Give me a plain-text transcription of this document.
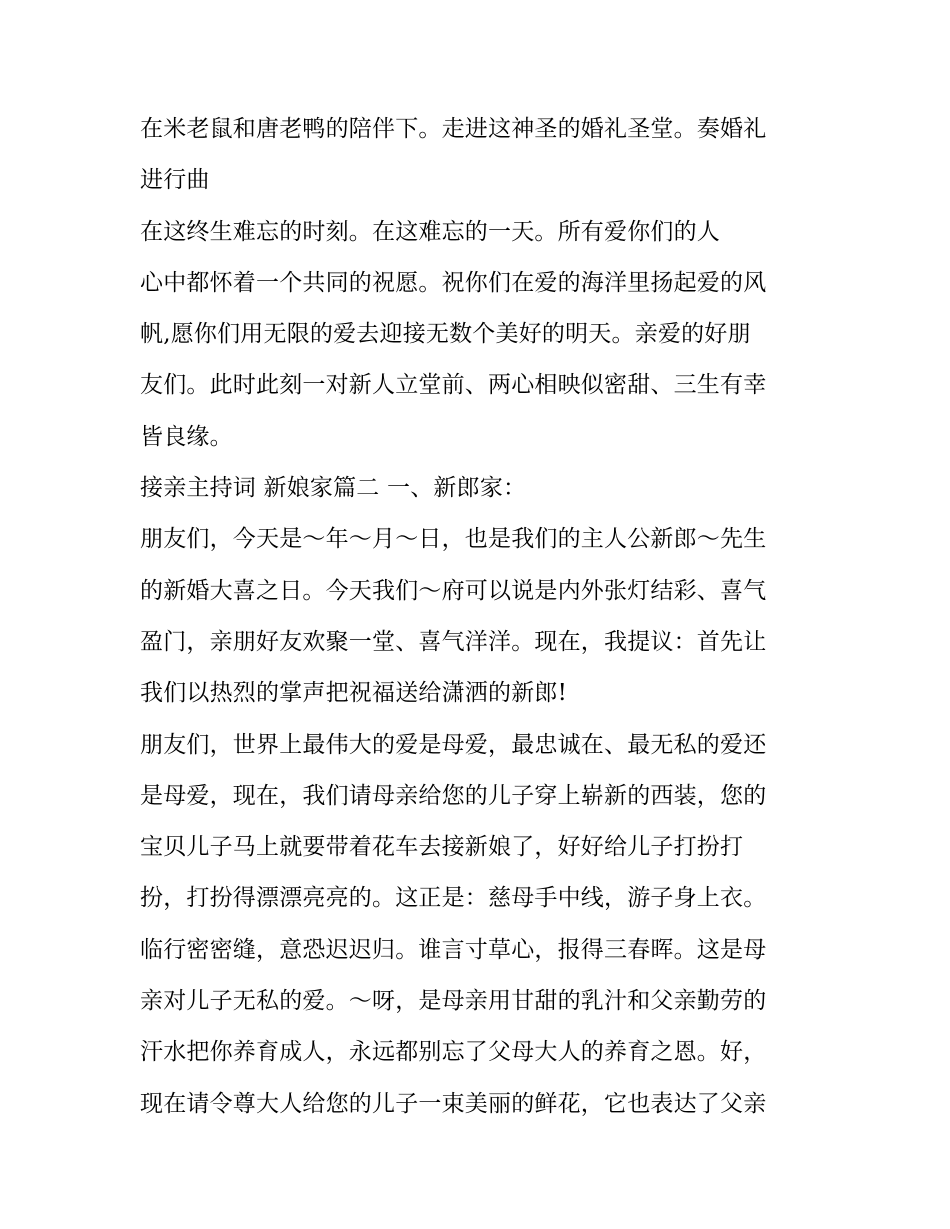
在米老鼠和唐老鸭的陪伴下。走进这神圣的婚礼圣堂。奏婚礼
进行曲
在这终生难忘的时刻。在这难忘的一天。所有爱你们的人
心中都怀着一个共同的祝愿。祝你们在爱的海洋里扬起爱的风
帆,愿你们用无限的爱去迎接无数个美好的明天。亲爱的好朋
友们。此时此刻一对新人立堂前、两心相映似密甜、三生有幸
皆良缘。
接亲主持词 新娘家篇二 一、新郎家：
朋友们，今天是～年～月～日，也是我们的主人公新郎～先生
的新婚大喜之日。今天我们～府可以说是内外张灯结彩、喜气
盈门，亲朋好友欢聚一堂、喜气洋洋。现在，我提议：首先让
我们以热烈的掌声把祝福送给潇洒的新郎!
朋友们，世界上最伟大的爱是母爱，最忠诚在、最无私的爱还
是母爱，现在，我们请母亲给您的儿子穿上崭新的西装，您的
宝贝儿子马上就要带着花车去接新娘了，好好给儿子打扮打
扮，打扮得漂漂亮亮的。这正是：慈母手中线，游子身上衣。
临行密密缝，意恐迟迟归。谁言寸草心，报得三春晖。这是母
亲对儿子无私的爱。～呀，是母亲用甘甜的乳汁和父亲勤劳的
汗水把你养育成人，永远都别忘了父母大人的养育之恩。好，
现在请令尊大人给您的儿子一束美丽的鲜花，它也表达了父亲
